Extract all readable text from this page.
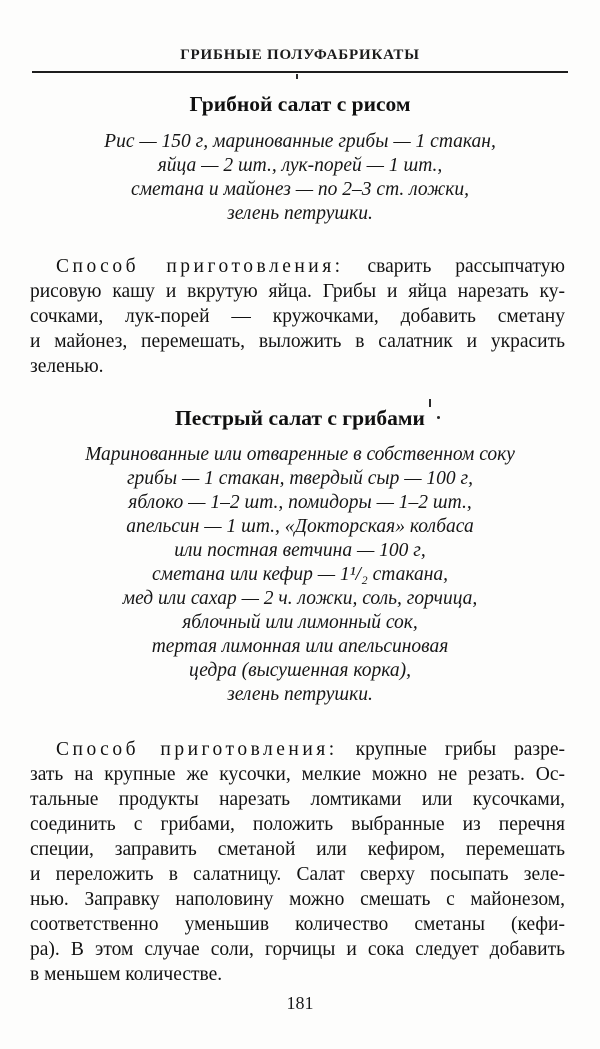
ГРИБНЫЕ ПОЛУФАБРИКАТЫ
Грибной салат с рисом
Рис — 150 г, маринованные грибы — 1 стакан,
яйца — 2 шт., лук-порей — 1 шт.,
сметана и майонез — по 2–3 ст. ложки,
зелень петрушки.
Способ приготовления: сварить рассыпчатую
рисовую кашу и вкрутую яйца. Грибы и яйца нарезать ку-
сочками, лук-порей — кружочками, добавить сметану
и майонез, перемешать, выложить в салатник и украсить
зеленью.
Пестрый салат с грибами
Маринованные или отваренные в собственном соку
грибы — 1 стакан, твердый сыр — 100 г,
яблоко — 1–2 шт., помидоры — 1–2 шт.,
апельсин — 1 шт., «Докторская» колбаса
или постная ветчина — 100 г,
сметана или кефир — 1¹/₂ стакана,
мед или сахар — 2 ч. ложки, соль, горчица,
яблочный или лимонный сок,
тертая лимонная или апельсиновая
цедра (высушенная корка),
зелень петрушки.
Способ приготовления: крупные грибы разре-
зать на крупные же кусочки, мелкие можно не резать. Ос-
тальные продукты нарезать ломтиками или кусочками,
соединить с грибами, положить выбранные из перечня
специи, заправить сметаной или кефиром, перемешать
и переложить в салатницу. Салат сверху посыпать зеле-
нью. Заправку наполовину можно смешать с майонезом,
соответственно уменьшив количество сметаны (кефи-
ра). В этом случае соли, горчицы и сока следует добавить
в меньшем количестве.
181
